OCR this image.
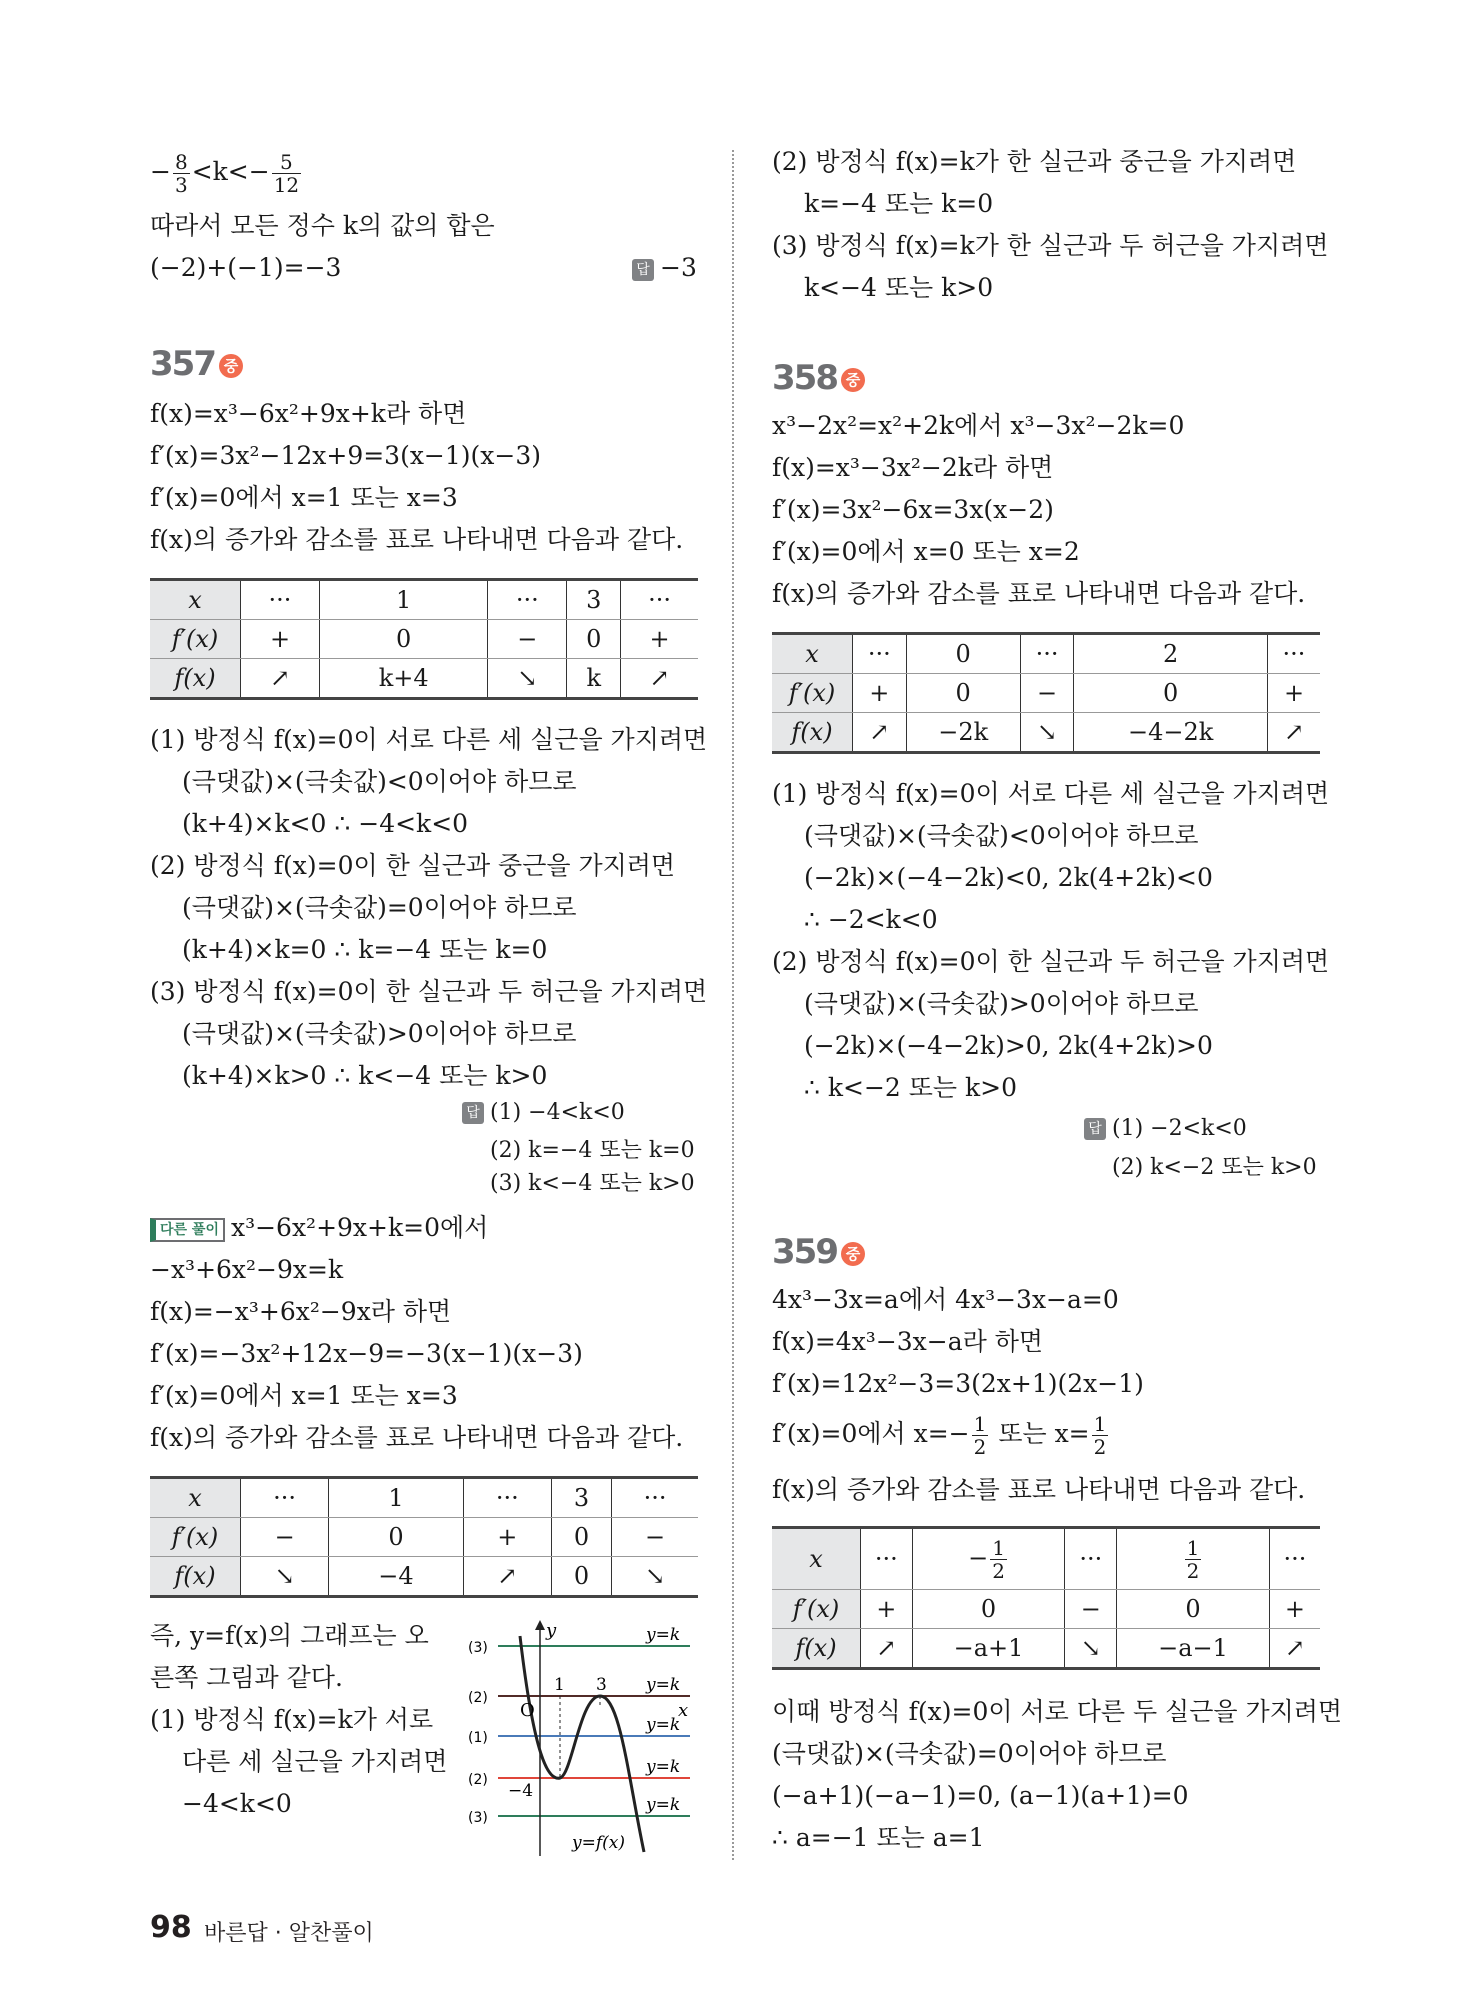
− $\frac{8}{3} <k<- \frac{5}{12}$
따라서 모든 정수 k의 값의 합은
(−2)+(−1)=−3	답 −3
357 중
f(x)=x³−6x²+9x+k라 하면
f′(x)=3x²−12x+9=3(x−1)(x−3)
f′(x)=0에서 x=1 또는 x=3
f(x)의 증가와 감소를 표로 나타내면 다음과 같다.
x	···	1	···	3	···
f′(x)	+	0	−	0	+
f(x)	↗	k+4	↘	k	↗
(1) 방정식 f(x)=0이 서로 다른 세 실근을 가지려면
(극댓값)×(극솟값)<0이어야 하므로
(k+4)×k<0 ∴ −4<k<0
(2) 방정식 f(x)=0이 한 실근과 중근을 가지려면
(극댓값)×(극솟값)=0이어야 하므로
(k+4)×k=0 ∴ k=−4 또는 k=0
(3) 방정식 f(x)=0이 한 실근과 두 허근을 가지려면
(극댓값)×(극솟값)>0이어야 하므로
(k+4)×k>0 ∴ k<−4 또는 k>0
답 (1) −4<k<0
(2) k=−4 또는 k=0
(3) k<−4 또는 k>0
다른 풀이 x³−6x²+9x+k=0에서
−x³+6x²−9x=k
f(x)=−x³+6x²−9x라 하면
f′(x)=−3x²+12x−9=−3(x−1)(x−3)
f′(x)=0에서 x=1 또는 x=3
f(x)의 증가와 감소를 표로 나타내면 다음과 같다.
x	···	1	···	3	···
f′(x)	−	0	+	0	−
f(x)	↘	−4	↗	0	↘
즉, y=f(x)의 그래프는 오
른쪽 그림과 같다.
(1) 방정식 f(x)=k가 서로
다른 세 실근을 가지려면
−4<k<0
y
x
O
1 3
−4
y=f(x)
y=k
y=k
y=k
y=k
y=k
(3)
(2)
(1)
(2)
(3)
(2) 방정식 f(x)=k가 한 실근과 중근을 가지려면
k=−4 또는 k=0
(3) 방정식 f(x)=k가 한 실근과 두 허근을 가지려면
k<−4 또는 k>0
358 중
x³−2x²=x²+2k에서 x³−3x²−2k=0
f(x)=x³−3x²−2k라 하면
f′(x)=3x²−6x=3x(x−2)
f′(x)=0에서 x=0 또는 x=2
f(x)의 증가와 감소를 표로 나타내면 다음과 같다.
x	···	0	···	2	···
f′(x)	+	0	−	0	+
f(x)	↗	−2k	↘	−4−2k	↗
(1) 방정식 f(x)=0이 서로 다른 세 실근을 가지려면
(극댓값)×(극솟값)<0이어야 하므로
(−2k)×(−4−2k)<0, 2k(4+2k)<0
∴ −2<k<0
(2) 방정식 f(x)=0이 한 실근과 두 허근을 가지려면
(극댓값)×(극솟값)>0이어야 하므로
(−2k)×(−4−2k)>0, 2k(4+2k)>0
∴ k<−2 또는 k>0
답 (1) −2<k<0
(2) k<−2 또는 k>0
359 중
4x³−3x=a에서 4x³−3x−a=0
f(x)=4x³−3x−a라 하면
f′(x)=12x²−3=3(2x+1)(2x−1)
f′(x)=0에서 $x=- \frac{1}{2}$ 또는 $x= \frac{1}{2}$
f(x)의 증가와 감소를 표로 나타내면 다음과 같다.
x	···	− $\frac{1}{2}$	···	$\frac{1}{2}$	···
f′(x)	+	0	−	0	+
f(x)	↗	−a+1	↘	−a−1	↗
이때 방정식 f(x)=0이 서로 다른 두 실근을 가지려면
(극댓값)×(극솟값)=0이어야 하므로
(−a+1)(−a−1)=0, (a−1)(a+1)=0
∴ a=−1 또는 a=1
98 바른답 · 알찬풀이
